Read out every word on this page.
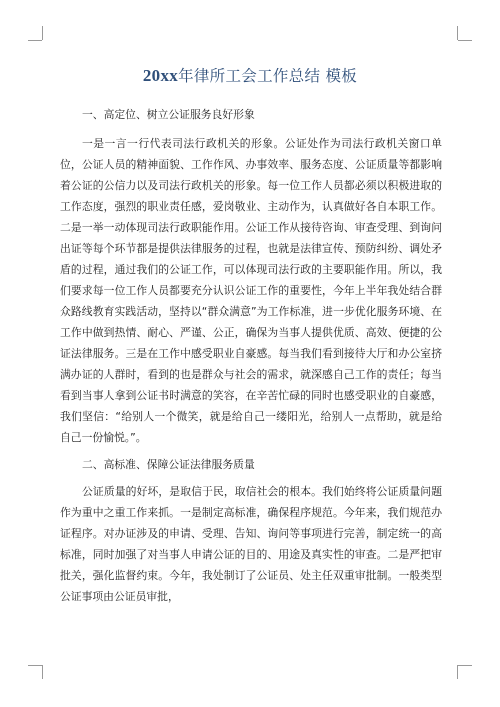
20xx年律所工会工作总结 模板
一、高定位、树立公证服务良好形象

一是一言一行代表司法行政机关的形象。公证处作为司法行政机关窗口单位，公证人员的精神面貌、工作作风、办事效率、服务态度、公证质量等都影响着公证的公信力以及司法行政机关的形象。每一位工作人员都必须以积极进取的工作态度，强烈的职业责任感，爱岗敬业、主动作为，认真做好各自本职工作。二是一举一动体现司法行政职能作用。公证工作从接待咨询、审查受理、到询问出证等每个环节都是提供法律服务的过程，也就是法律宣传、预防纠纷、调处矛盾的过程，通过我们的公证工作，可以体现司法行政的主要职能作用。所以，我们要求每一位工作人员都要充分认识公证工作的重要性，今年上半年我处结合群众路线教育实践活动，坚持以“群众满意”为工作标准，进一步优化服务环境、在工作中做到热情、耐心、严谨、公正，确保为当事人提供优质、高效、便捷的公证法律服务。三是在工作中感受职业自豪感。每当我们看到接待大厅和办公室挤满办证的人群时，看到的也是群众与社会的需求，就深感自己工作的责任；每当看到当事人拿到公证书时满意的笑容，在辛苦忙碌的同时也感受职业的自豪感，我们坚信：“给别人一个微笑，就是给自己一缕阳光，给别人一点帮助，就是给自己一份愉悦。”。

二、高标准、保障公证法律服务质量

公证质量的好坏，是取信于民，取信社会的根本。我们始终将公证质量问题作为重中之重工作来抓。一是制定高标准，确保程序规范。今年来，我们规范办证程序。对办证涉及的申请、受理、告知、询问等事项进行完善，制定统一的高标准，同时加强了对当事人申请公证的目的、用途及真实性的审查。二是严把审批关，强化监督约束。今年，我处制订了公证员、处主任双重审批制。一般类型公证事项由公证员审批，
